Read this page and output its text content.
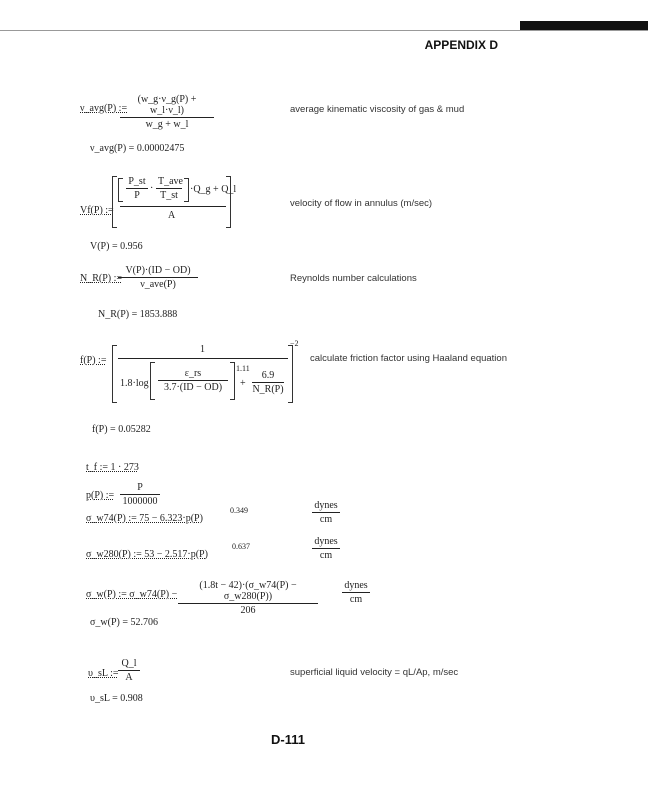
APPENDIX D
ν_avg(P) :=
$\frac{(w\_g\cdot\nu\_g(P) + w\_l\cdot\nu\_l)}{w\_g + w\_l}$	average kinematic viscosity of gas & mud
ν_avg(P) = 0.00002475
Vf(P) :=
$\frac{P\_st}{P}$ ·
T_ave
T_st
·Q_g + Q_l
A
velocity of flow in annulus (m/sec)
V(P) = 0.956
N_R(P) :=
V(P)·(ID − OD)
ν_ave(P)
Reynolds number calculations
N_R(P) = 1853.888
f(P) :=
1
$1.8\cdot\log \frac{\varepsilon\_rs}{3.7\cdot(ID - OD)} 1.11$
+ $\frac{6.9}{N\_R(P)}$
−2
calculate friction factor using Haaland equation
f(P) = 0.05282
t_f := 1 · 273
p(P) := $\frac{P}{1000000}$
σ_w74(P) := 75 − 6.323·p(P)
0.349	dynes
cm
σ_w280(P) := 53 − 2.517·p(P)
0.637	dynes
cm
σ_w(P) := σ_w74(P) − $\frac{(1.8t - 42)\cdot(\sigma\_w74(P) - \sigma\_w280(P))}{206}$	dynes
cm
σ_w(P) = 52.706
υ_sL := $\frac{Q\_l}{A}$	superficial liquid velocity = qL/Ap, m/sec
υ_sL = 0.908
D-111
